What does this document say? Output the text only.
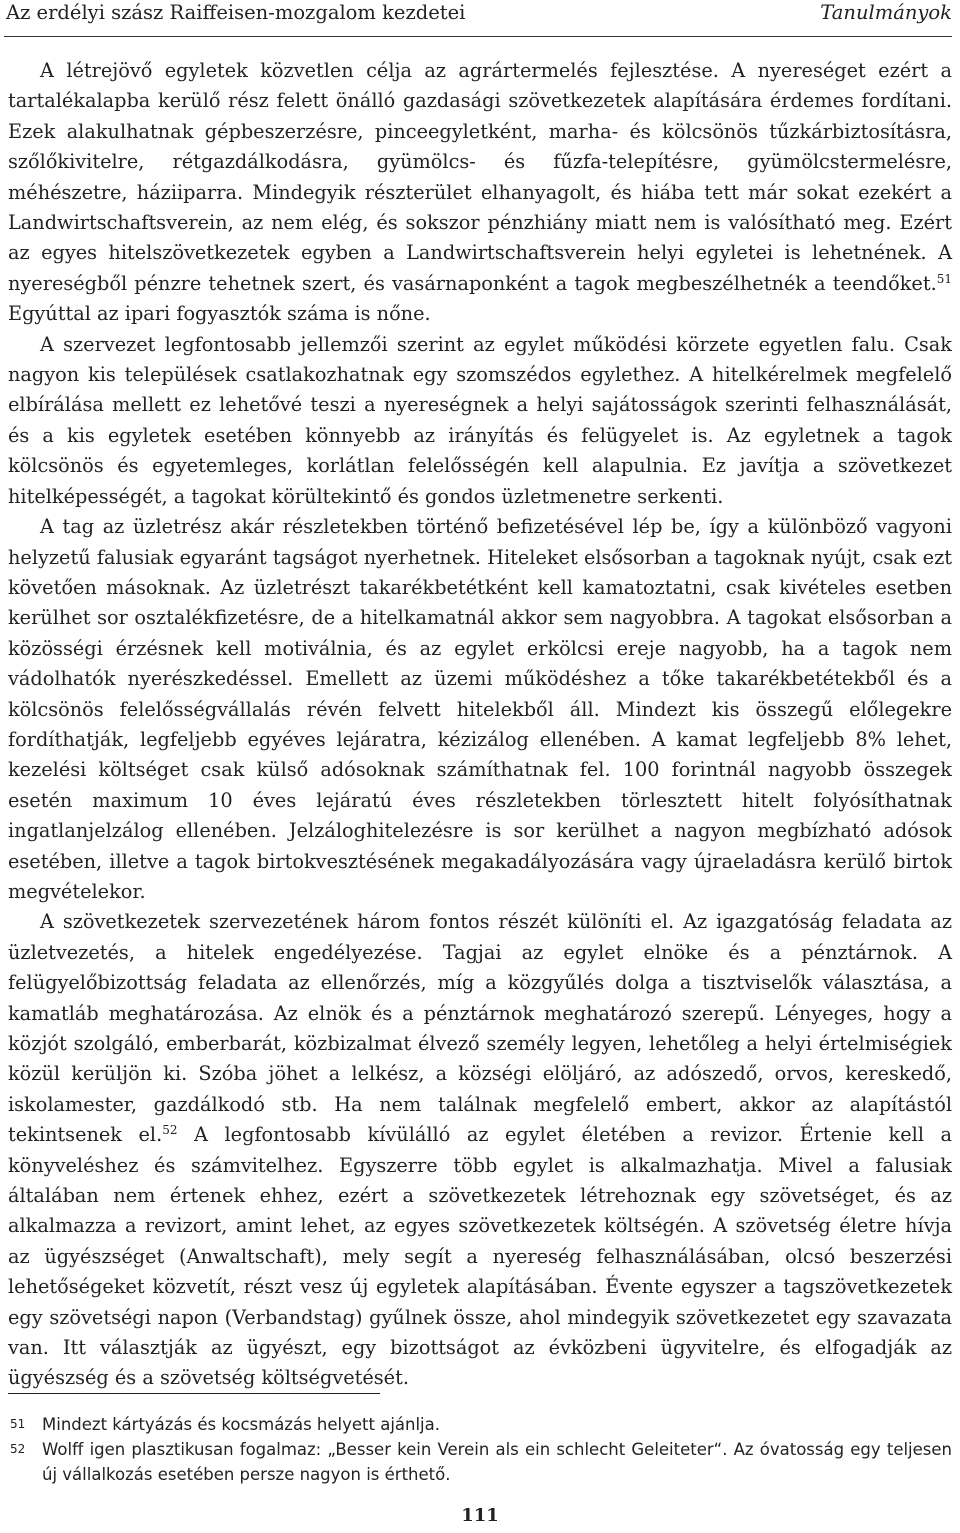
Az erdélyi szász Raiffeisen-mozgalom kezdetei	Tanulmányok

A létrejövő egyletek közvetlen célja az agrártermelés fejlesztése. A nyereséget ezért a tartalékalapba kerülő rész felett önálló gazdasági szövetkezetek alapítására érdemes fordítani. Ezek alakulhatnak gépbeszerzésre, pinceegyletként, marha- és kölcsönös tűzkárbiztosításra, szőlőkivitelre, rétgazdálkodásra, gyümölcs- és fűzfa-telepítésre, gyümölcstermelésre, méhészetre, háziiparra. Mindegyik részterület elhanyagolt, és hiába tett már sokat ezekért a Landwirtschaftsverein, az nem elég, és sokszor pénzhiány miatt nem is valósítható meg. Ezért az egyes hitelszövetkezetek egyben a Landwirtschaftsverein helyi egyletei is lehetnének. A nyereségből pénzre tehetnek szert, és vasárnaponként a tagok megbeszélhetnék a teendőket.$^{51}$ Egyúttal az ipari fogyasztók száma is nőne.

A szervezet legfontosabb jellemzői szerint az egylet működési körzete egyetlen falu. Csak nagyon kis települések csatlakozhatnak egy szomszédos egylethez. A hitelkérelmek megfelelő elbírálása mellett ez lehetővé teszi a nyereségnek a helyi sajátosságok szerinti felhasználását, és a kis egyletek esetében könnyebb az irányítás és felügyelet is. Az egyletnek a tagok kölcsönös és egyetemleges, korlátlan felelősségén kell alapulnia. Ez javítja a szövetkezet hitelképességét, a tagokat körültekintő és gondos üzletmenetre serkenti.

A tag az üzletrész akár részletekben történő befizetésével lép be, így a különböző vagyoni helyzetű falusiak egyaránt tagságot nyerhetnek. Hiteleket elsősorban a tagoknak nyújt, csak ezt követően másoknak. Az üzletrészt takarékbetétként kell kamatoztatni, csak kivételes esetben kerülhet sor osztalékfizetésre, de a hitelkamatnál akkor sem nagyobbra. A tagokat elsősorban a közösségi érzésnek kell motiválnia, és az egylet erkölcsi ereje nagyobb, ha a tagok nem vádolhatók nyerészkedéssel. Emellett az üzemi működéshez a tőke takarékbetétekből és a kölcsönös felelősségvállalás révén felvett hitelekből áll. Mindezt kis összegű előlegekre fordíthatják, legfeljebb egyéves lejáratra, kézizálog ellenében. A kamat legfeljebb 8% lehet, kezelési költséget csak külső adósoknak számíthatnak fel. 100 forintnál nagyobb összegek esetén maximum 10 éves lejáratú éves részletekben törlesztett hitelt folyósíthatnak ingatlanjelzálog ellenében. Jelzáloghitelezésre is sor kerülhet a nagyon megbízható adósok esetében, illetve a tagok birtokvesztésének megakadályozására vagy újraeladásra kerülő birtok megvételekor.

A szövetkezetek szervezetének három fontos részét különíti el. Az igazgatóság feladata az üzletvezetés, a hitelek engedélyezése. Tagjai az egylet elnöke és a pénztárnok. A felügyelőbizottság feladata az ellenőrzés, míg a közgyűlés dolga a tisztviselők választása, a kamatláb meghatározása. Az elnök és a pénztárnok meghatározó szerepű. Lényeges, hogy a közjót szolgáló, emberbarát, közbizalmat élvező személy legyen, lehetőleg a helyi értelmiségiek közül kerüljön ki. Szóba jöhet a lelkész, a községi elöljáró, az adószedő, orvos, kereskedő, iskolamester, gazdálkodó stb. Ha nem találnak megfelelő embert, akkor az alapítástól tekintsenek el.$^{52}$ A legfontosabb kívülálló az egylet életében a revizor. Értenie kell a könyveléshez és számvitelhez. Egyszerre több egylet is alkalmazhatja. Mivel a falusiak általában nem értenek ehhez, ezért a szövetkezetek létrehoznak egy szövetséget, és az alkalmazza a revizort, amint lehet, az egyes szövetkezetek költségén. A szövetség életre hívja az ügyészséget (Anwaltschaft), mely segít a nyereség felhasználásában, olcsó beszerzési lehetőségeket közvetít, részt vesz új egyletek alapításában. Évente egyszer a tagszövetkezetek egy szövetségi napon (Verbandstag) gyűlnek össze, ahol mindegyik szövetkezetet egy szavazata van. Itt választják az ügyészt, egy bizottságot az évközbeni ügyvitelre, és elfogadják az ügyészség és a szövetség költségvetését.

51 Mindezt kártyázás és kocsmázás helyett ajánlja.
52 Wolff igen plasztikusan fogalmaz: „Besser kein Verein als ein schlecht Geleiteter“. Az óvatosság egy teljesen új vállalkozás esetében persze nagyon is érthető.
111
